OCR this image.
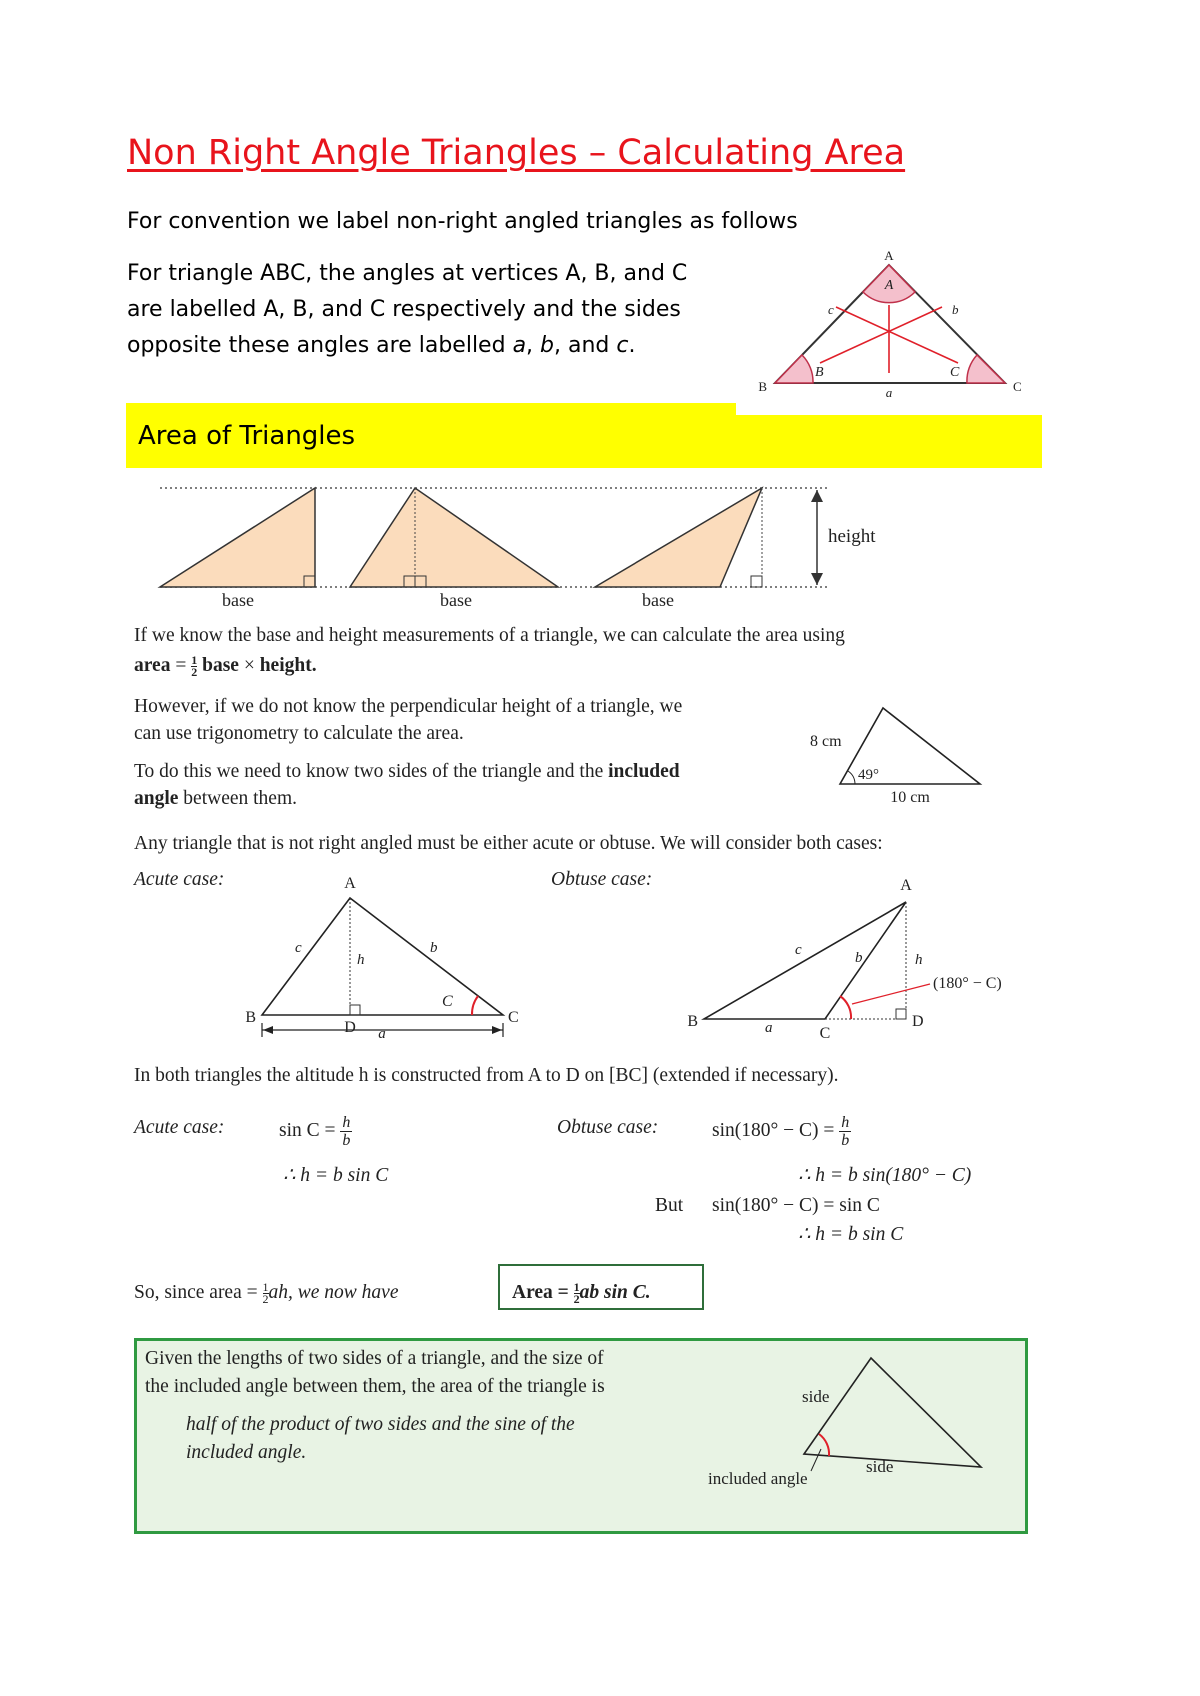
Non Right Angle Triangles – Calculating Area
For convention we label non-right angled triangles as follows
For triangle ABC, the angles at vertices A, B, and C
are labelled A, B, and C respectively and the sides
opposite these angles are labelled a, b, and c.
A
A
B
B
C
C
a
b
c
Area of Triangles
base	base	base
height
If we know the base and height measurements of a triangle, we can calculate the area using
area = $\frac{1}{2}$ base × height.
However, if we do not know the perpendicular height of a triangle, we
can use trigonometry to calculate the area.
To do this we need to know two sides of the triangle and the included
angle between them.
8 cm
49°
10 cm
Any triangle that is not right angled must be either acute or obtuse. We will consider both cases:
Acute case:	Obtuse case:
A
B	C
D a
b
c
h
C
A
B
C
D
a
b
c
h
(180° − C)
In both triangles the altitude h is constructed from A to D on [BC] (extended if necessary).
Acute case:	$\sin C = \frac{h}{b}$
∴ h = b sin C
Obtuse case:	$\sin(180^\circ - C) = \frac{h}{b}$
∴ h = b sin(180° − C)
But sin(180° − C) = sin C
∴ h = b sin C
So, since area = $\frac{1}{2}$ ah, we now have	Area = $\frac{1}{2}$ ab sin C.
Given the lengths of two sides of a triangle, and the size of
the included angle between them, the area of the triangle is
half of the product of two sides and the sine of the
included angle.
side
side
included angle
